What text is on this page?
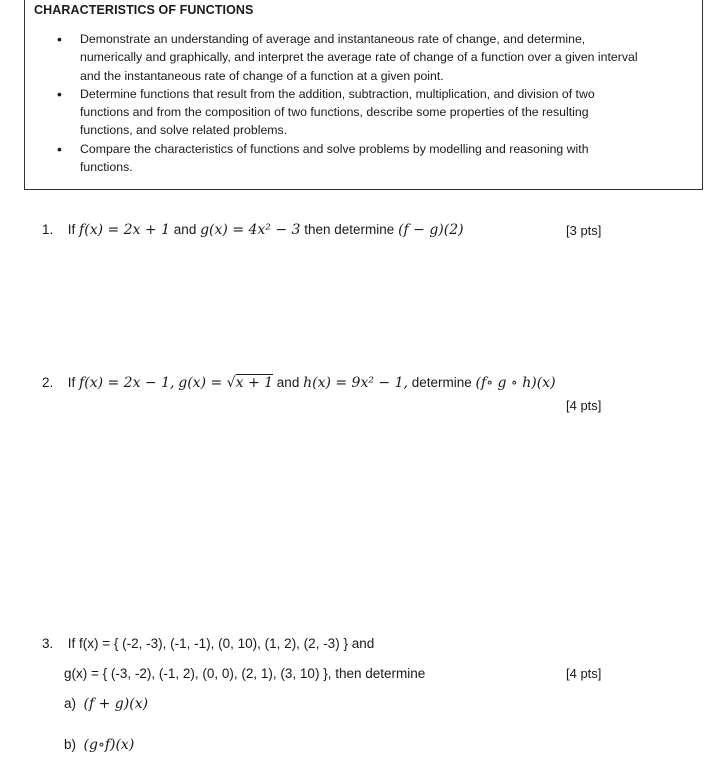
CHARACTERISTICS OF FUNCTIONS
• Demonstrate an understanding of average and instantaneous rate of change, and determine, numerically and graphically, and interpret the average rate of change of a function over a given interval and the instantaneous rate of change of a function at a given point.
• Determine functions that result from the addition, subtraction, multiplication, and division of two functions and from the composition of two functions, describe some properties of the resulting functions, and solve related problems.
• Compare the characteristics of functions and solve problems by modelling and reasoning with functions.
1. If f(x) = 2x + 1 and g(x) = 4x² − 3 then determine (f − g)(2)	[3 pts]
2. If f(x) = 2x − 1, g(x) = √x + 1 and h(x) = 9x² − 1, determine (f∘ g ∘ h)(x)
[4 pts]
3. If f(x) = { (-2, -3), (-1, -1), (0, 10), (1, 2), (2, -3) } and
g(x) = { (-3, -2), (-1, 2), (0, 0), (2, 1), (3, 10) }, then determine	[4 pts]
a) (f + g)(x)
b) (g∘f)(x)
